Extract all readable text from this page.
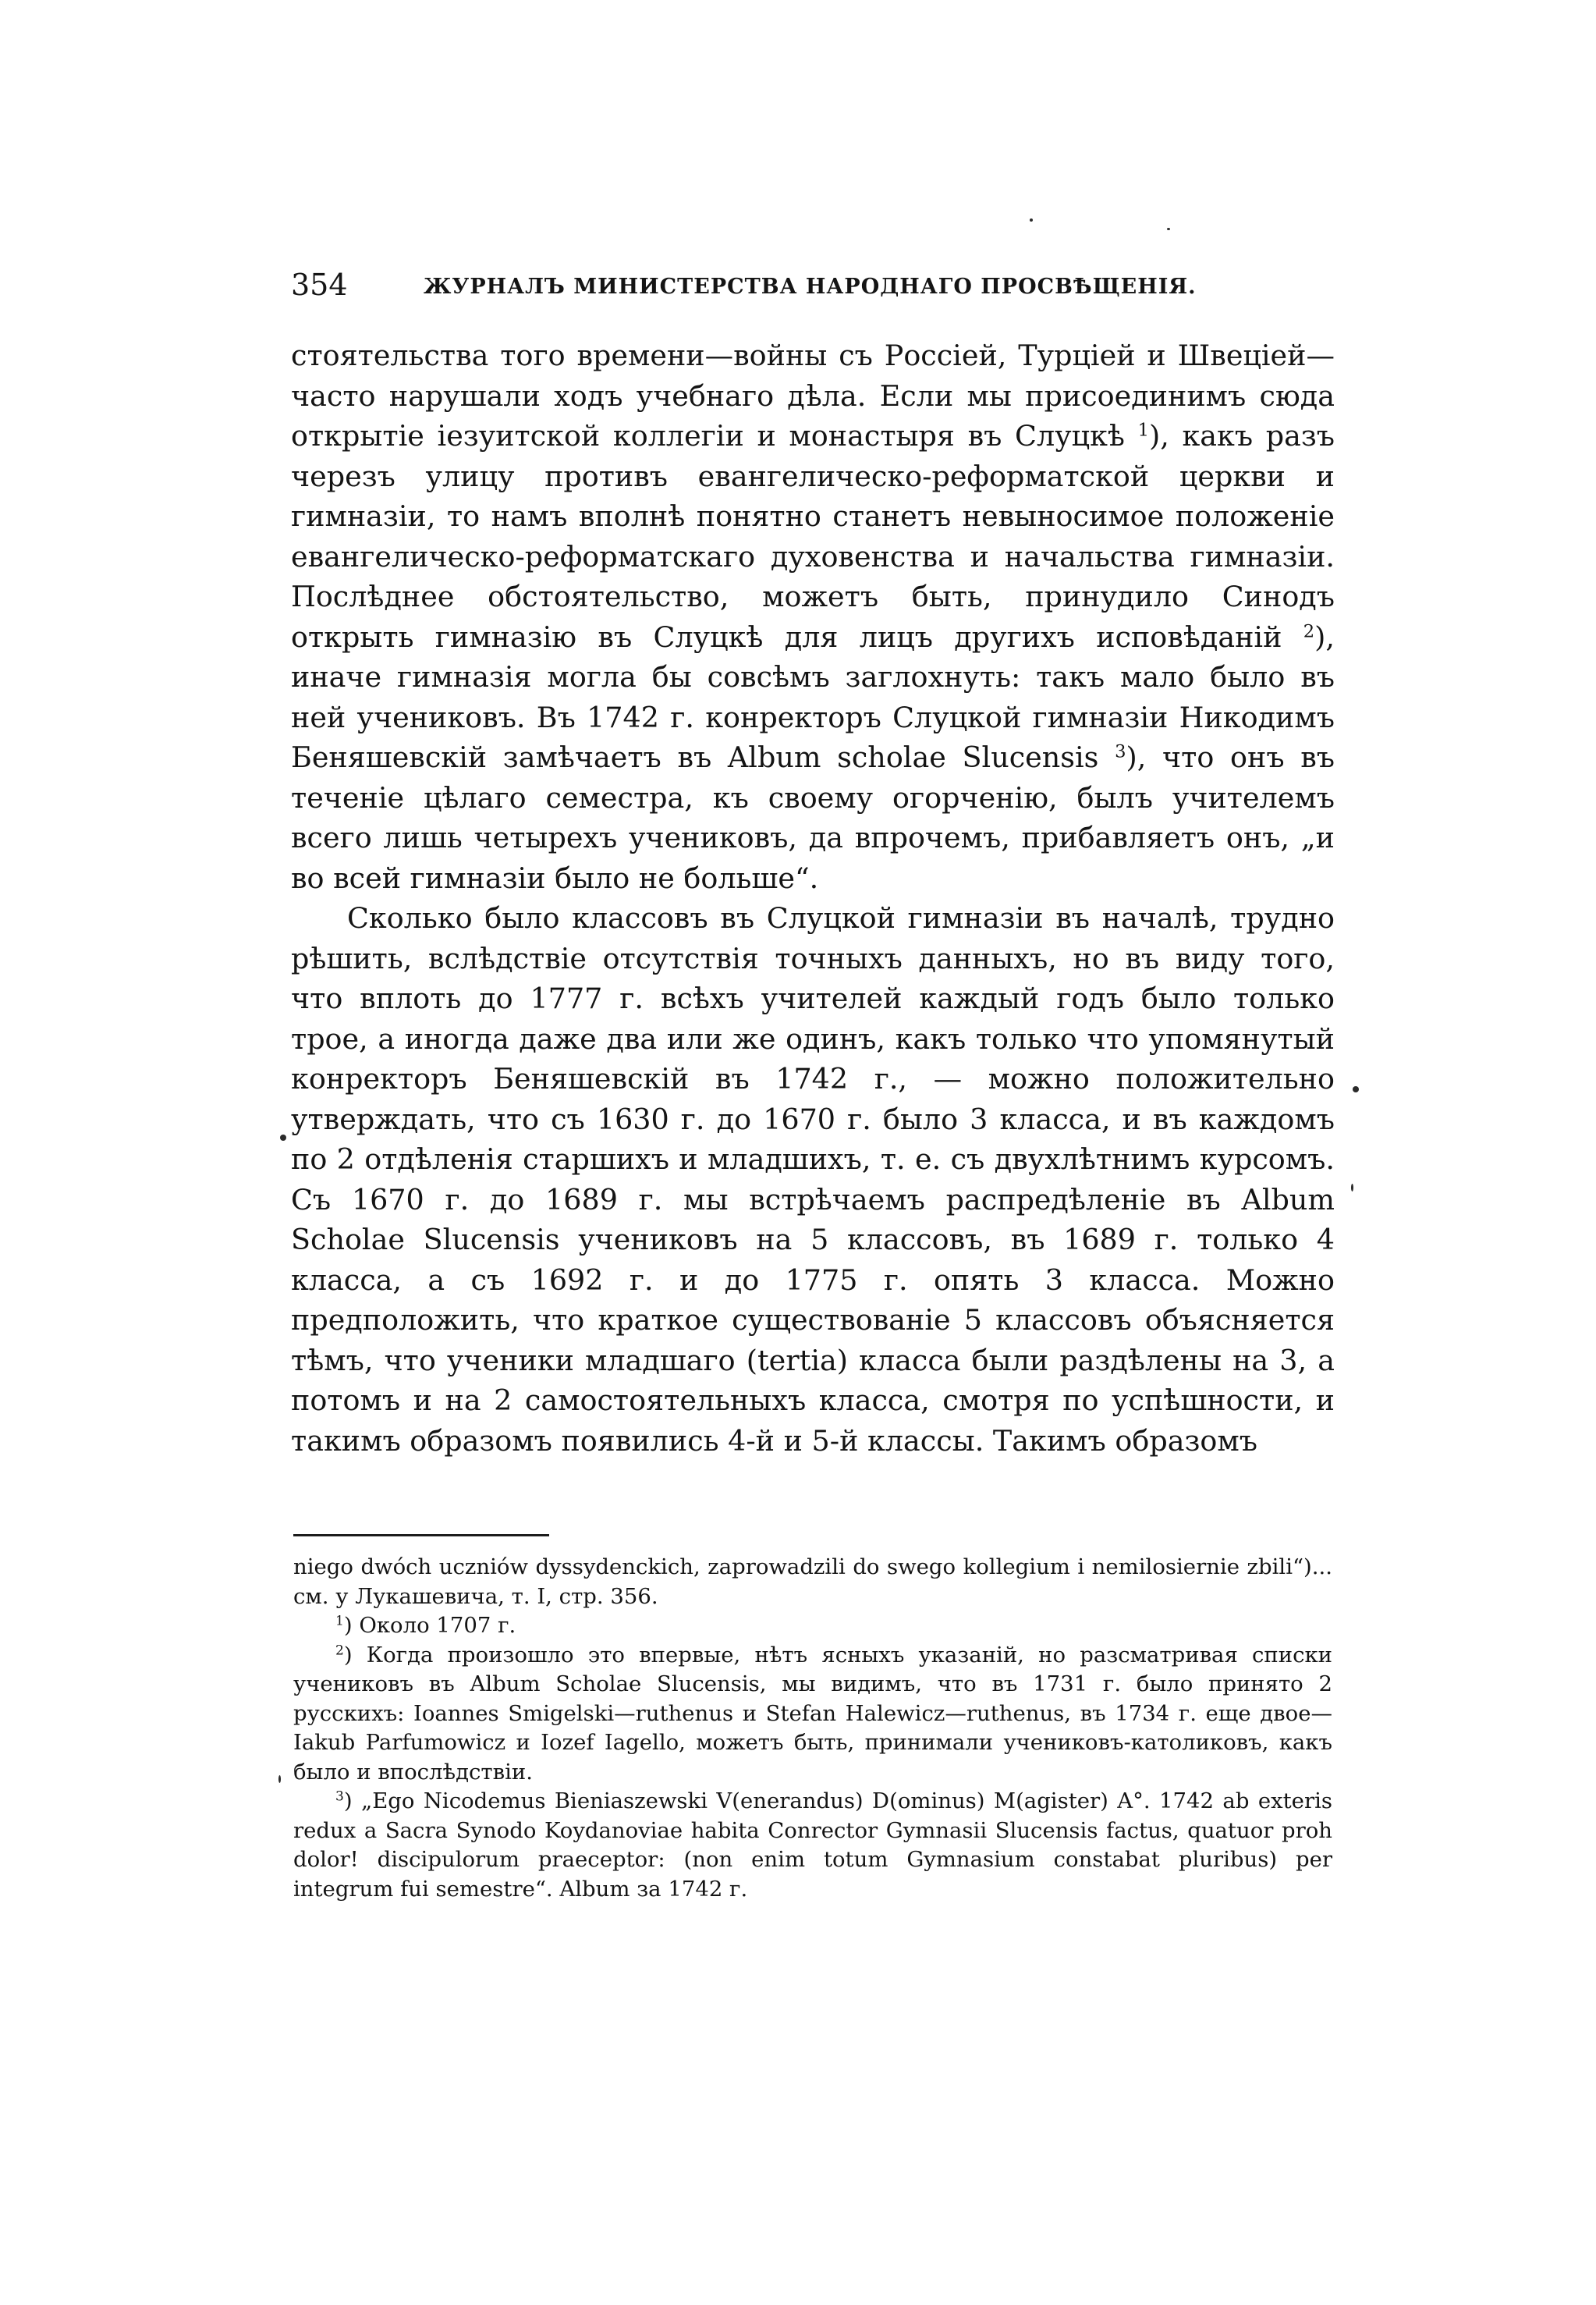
354	ЖУРНАЛЪ МИНИСТЕРСТВА НАРОДНАГО ПРОСВѢЩЕНІЯ.

стоятельства того времени—войны съ Россіей, Турціей и Швеціей—часто нарушали ходъ учебнаго дѣла. Если мы присоединимъ сюда открытіе іезуитской коллегіи и монастыря въ Слуцкѣ $^1$), какъ разъ черезъ улицу противъ евангелическо-реформатской церкви и гимназіи, то намъ вполнѣ понятно станетъ невыносимое положеніе евангелическо-реформатскаго духовенства и начальства гимназіи. Послѣднее обстоятельство, можетъ быть, принудило Синодъ открыть гимназію въ Слуцкѣ для лицъ другихъ исповѣданій $^2$), иначе гимназія могла бы совсѣмъ заглохнуть: такъ мало было въ ней учениковъ. Въ 1742 г. конректоръ Слуцкой гимназіи Никодимъ Беняшевскій замѣчаетъ въ Album scholae Slucensis $^3$), что онъ въ теченіе цѣлаго семестра, къ своему огорченію, былъ учителемъ всего лишь четырехъ учениковъ, да впрочемъ, прибавляетъ онъ, „и во всей гимназіи было не больше“.

Сколько было классовъ въ Слуцкой гимназіи въ началѣ, трудно рѣшить, вслѣдствіе отсутствія точныхъ данныхъ, но въ виду того, что вплоть до 1777 г. всѣхъ учителей каждый годъ было только трое, а иногда даже два или же одинъ, какъ только что упомянутый конректоръ Беняшевскій въ 1742 г., — можно положительно утверждать, что съ 1630 г. до 1670 г. было 3 класса, и въ каждомъ по 2 отдѣленія старшихъ и младшихъ, т. е. съ двухлѣтнимъ курсомъ. Съ 1670 г. до 1689 г. мы встрѣчаемъ распредѣленіе въ Album Scholae Slucensis учениковъ на 5 классовъ, въ 1689 г. только 4 класса, а съ 1692 г. и до 1775 г. опять 3 класса. Можно предположить, что краткое существованіе 5 классовъ объясняется тѣмъ, что ученики младшаго (tertia) класса были раздѣлены на 3, а потомъ и на 2 самостоятельныхъ класса, смотря по успѣшности, и такимъ образомъ появились 4-й и 5-й классы. Такимъ образомъ

niego dwóch uczniów dyssydenckich, zaprowadzili do swego kollegium i nemilosiernie zbili“)... см. у Лукашевича, т. I, стр. 356.

$^1$) Около 1707 г.

$^2$) Когда произошло это впервые, нѣтъ ясныхъ указаній, но разсматривая списки учениковъ въ Album Scholae Slucensis, мы видимъ, что въ 1731 г. было принято 2 русскихъ: Ioannes Smigelski—ruthenus и Stefan Halewicz—ruthenus, въ 1734 г. еще двое—Iakub Parfumowicz и Iozef Iagello, можетъ быть, принимали учениковъ-католиковъ, какъ было и впослѣдствіи.

$^3$) „Ego Nicodemus Bieniaszewski V(enerandus) D(ominus) M(agister) A°. 1742 ab exteris redux a Sacra Synodo Koydanoviae habita Conrector Gymnasii Slucensis factus, quatuor proh dolor! discipulorum praeceptor: (non enim totum Gymnasium constabat pluribus) per integrum fui semestre“. Album за 1742 г.
